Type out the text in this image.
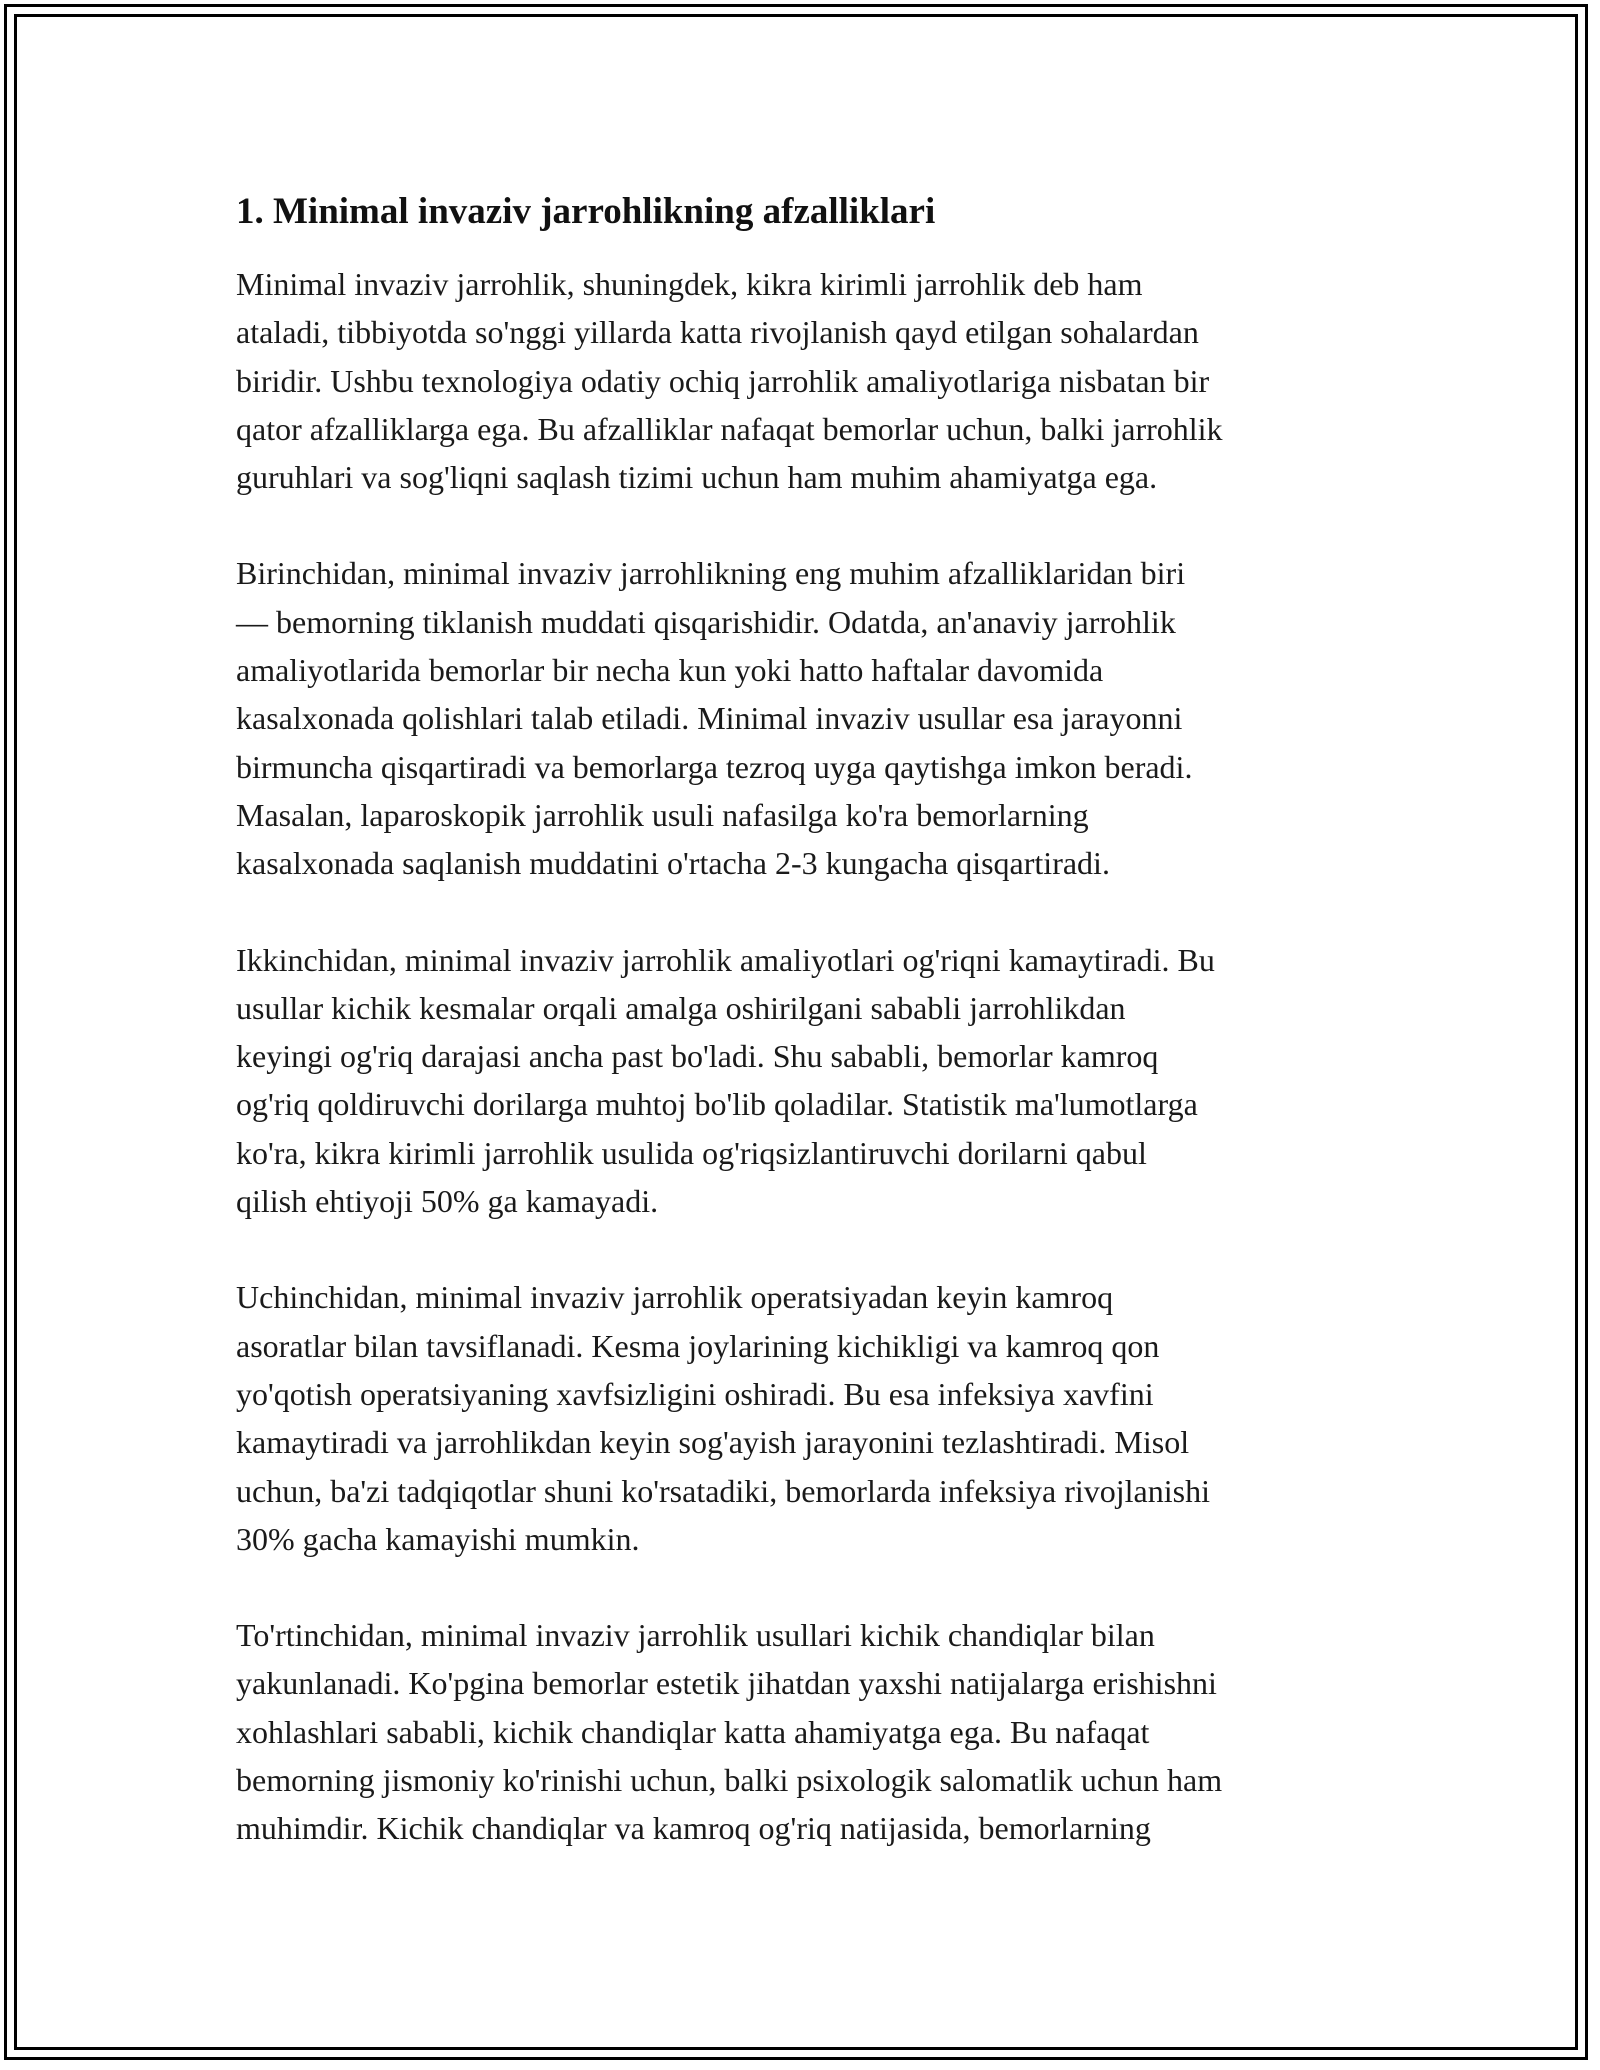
1. Minimal invaziv jarrohlikning afzalliklari

Minimal invaziv jarrohlik, shuningdek, kikra kirimli jarrohlik deb ham
ataladi, tibbiyotda so'nggi yillarda katta rivojlanish qayd etilgan sohalardan
biridir. Ushbu texnologiya odatiy ochiq jarrohlik amaliyotlariga nisbatan bir
qator afzalliklarga ega. Bu afzalliklar nafaqat bemorlar uchun, balki jarrohlik
guruhlari va sog'liqni saqlash tizimi uchun ham muhim ahamiyatga ega.

Birinchidan, minimal invaziv jarrohlikning eng muhim afzalliklaridan biri
— bemorning tiklanish muddati qisqarishidir. Odatda, an'anaviy jarrohlik
amaliyotlarida bemorlar bir necha kun yoki hatto haftalar davomida
kasalxonada qolishlari talab etiladi. Minimal invaziv usullar esa jarayonni
birmuncha qisqartiradi va bemorlarga tezroq uyga qaytishga imkon beradi.
Masalan, laparoskopik jarrohlik usuli nafasilga ko'ra bemorlarning
kasalxonada saqlanish muddatini o'rtacha 2-3 kungacha qisqartiradi.

Ikkinchidan, minimal invaziv jarrohlik amaliyotlari og'riqni kamaytiradi. Bu
usullar kichik kesmalar orqali amalga oshirilgani sababli jarrohlikdan
keyingi og'riq darajasi ancha past bo'ladi. Shu sababli, bemorlar kamroq
og'riq qoldiruvchi dorilarga muhtoj bo'lib qoladilar. Statistik ma'lumotlarga
ko'ra, kikra kirimli jarrohlik usulida og'riqsizlantiruvchi dorilarni qabul
qilish ehtiyoji 50% ga kamayadi.

Uchinchidan, minimal invaziv jarrohlik operatsiyadan keyin kamroq
asoratlar bilan tavsiflanadi. Kesma joylarining kichikligi va kamroq qon
yo'qotish operatsiyaning xavfsizligini oshiradi. Bu esa infeksiya xavfini
kamaytiradi va jarrohlikdan keyin sog'ayish jarayonini tezlashtiradi. Misol
uchun, ba'zi tadqiqotlar shuni ko'rsatadiki, bemorlarda infeksiya rivojlanishi
30% gacha kamayishi mumkin.

To'rtinchidan, minimal invaziv jarrohlik usullari kichik chandiqlar bilan
yakunlanadi. Ko'pgina bemorlar estetik jihatdan yaxshi natijalarga erishishni
xohlashlari sababli, kichik chandiqlar katta ahamiyatga ega. Bu nafaqat
bemorning jismoniy ko'rinishi uchun, balki psixologik salomatlik uchun ham
muhimdir. Kichik chandiqlar va kamroq og'riq natijasida, bemorlarning
